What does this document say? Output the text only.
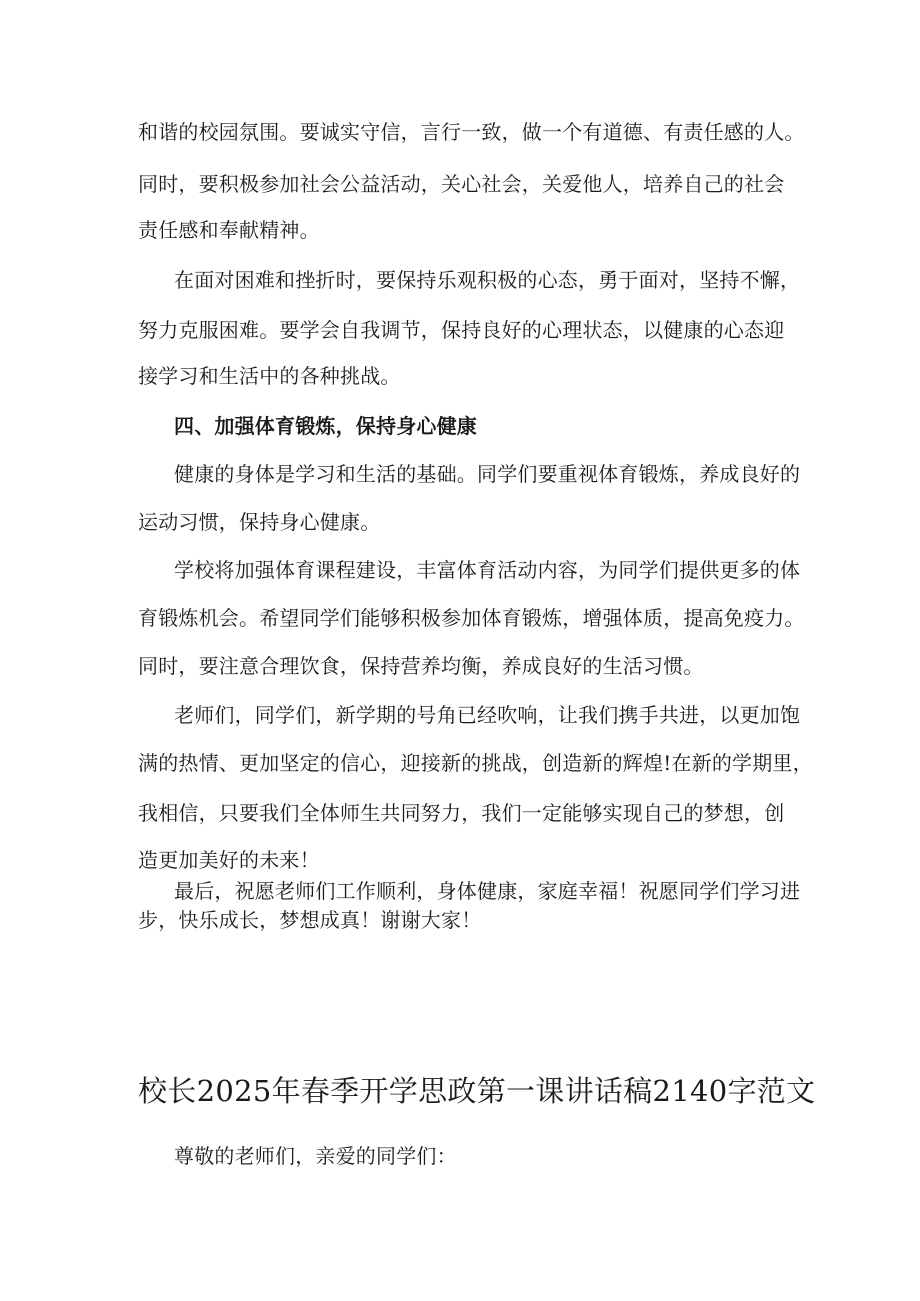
和谐的校园氛围。要诚实守信，言行一致，做一个有道德、有责任感的人。
同时，要积极参加社会公益活动，关心社会，关爱他人，培养自己的社会
责任感和奉献精神。
在面对困难和挫折时，要保持乐观积极的心态，勇于面对，坚持不懈，
努力克服困难。要学会自我调节，保持良好的心理状态，以健康的心态迎
接学习和生活中的各种挑战。
四、加强体育锻炼，保持身心健康
健康的身体是学习和生活的基础。同学们要重视体育锻炼，养成良好的
运动习惯，保持身心健康。
学校将加强体育课程建设，丰富体育活动内容，为同学们提供更多的体
育锻炼机会。希望同学们能够积极参加体育锻炼，增强体质，提高免疫力。
同时，要注意合理饮食，保持营养均衡，养成良好的生活习惯。
老师们，同学们，新学期的号角已经吹响，让我们携手共进，以更加饱
满的热情、更加坚定的信心，迎接新的挑战，创造新的辉煌!在新的学期里，
我相信，只要我们全体师生共同努力，我们一定能够实现自己的梦想，创
造更加美好的未来！
最后，祝愿老师们工作顺利，身体健康，家庭幸福！祝愿同学们学习进
步，快乐成长，梦想成真！谢谢大家！
校长2025年春季开学思政第一课讲话稿2140字范文
尊敬的老师们，亲爱的同学们：
